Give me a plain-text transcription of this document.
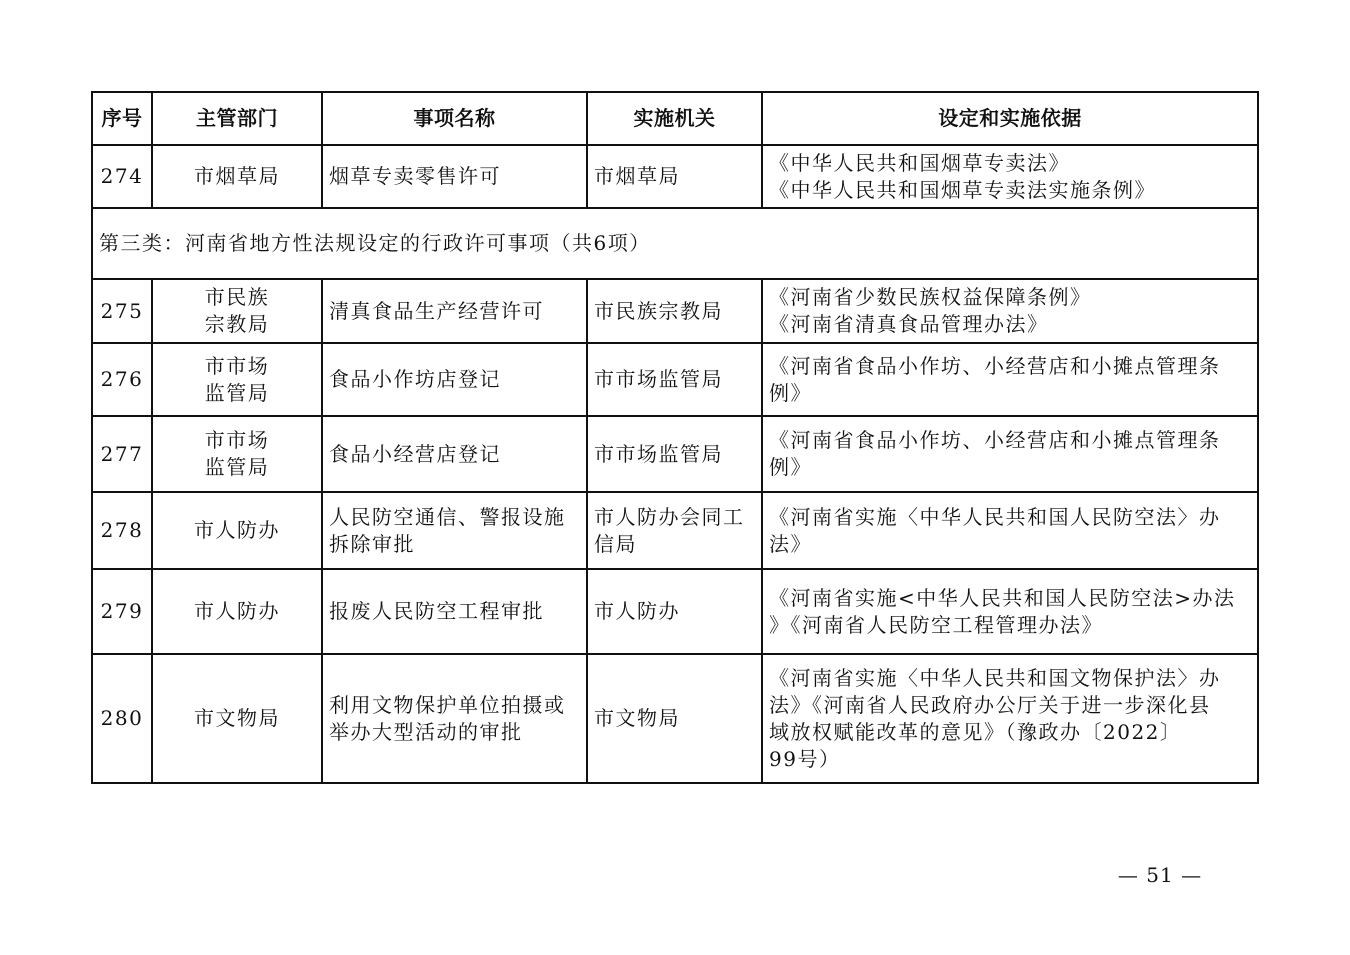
序号	主管部门	事项名称	实施机关	设定和实施依据
274	市烟草局	烟草专卖零售许可	市烟草局	《中华人民共和国烟草专卖法》
《中华人民共和国烟草专卖法实施条例》

第三类：河南省地方性法规设定的行政许可事项（共6项）				
275	市民族
宗教局	清真食品生产经营许可	市民族宗教局	《河南省少数民族权益保障条例》
《河南省清真食品管理办法》

276	市市场
监管局	食品小作坊店登记	市市场监管局	《河南省食品小作坊、小经营店和小摊点管理条
例》

277	市市场
监管局	食品小经营店登记	市市场监管局	《河南省食品小作坊、小经营店和小摊点管理条
例》

278	市人防办	人民防空通信、警报设施
拆除审批	市人防办会同工
信局	《河南省实施〈中华人民共和国人民防空法〉办
法》

279	市人防办	报废人民防空工程审批	市人防办	《河南省实施<中华人民共和国人民防空法>办法
》《河南省人民防空工程管理办法》

280	市文物局	利用文物保护单位拍摄或
举办大型活动的审批	市文物局	《河南省实施〈中华人民共和国文物保护法〉办
法》《河南省人民政府办公厅关于进一步深化县
域放权赋能改革的意见》（豫政办〔2022〕
99号）
— 51 —
